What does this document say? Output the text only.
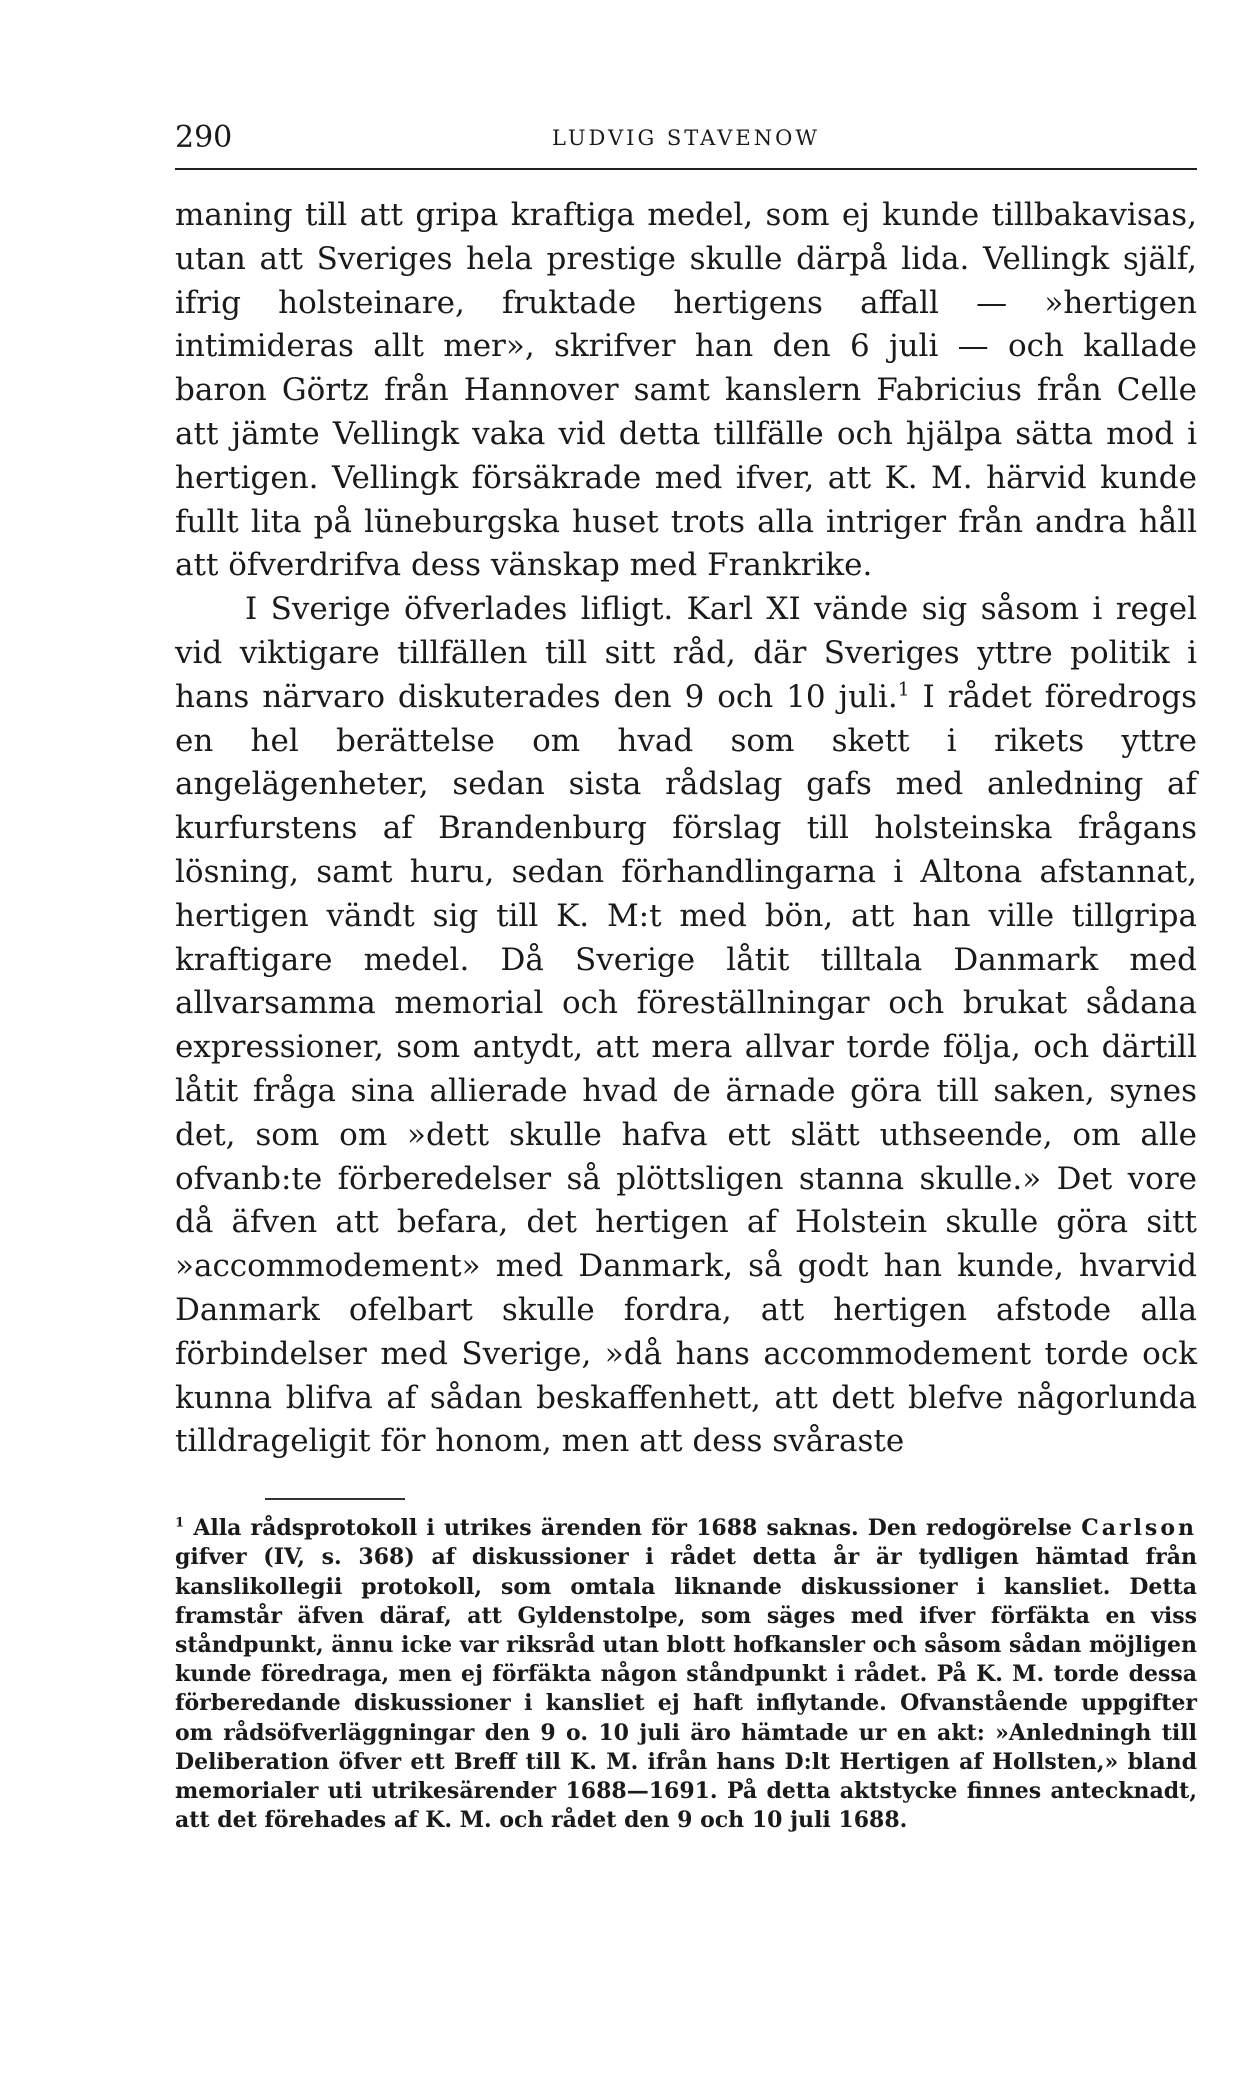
290	LUDVIG STAVENOW

maning till att gripa kraftiga medel, som ej kunde tillbakavisas, utan att Sveriges hela prestige skulle därpå lida. Vellingk själf, ifrig holsteinare, fruktade hertigens affall — »hertigen intimideras allt mer», skrifver han den 6 juli — och kallade baron Görtz från Hannover samt kanslern Fabricius från Celle att jämte Vellingk vaka vid detta tillfälle och hjälpa sätta mod i hertigen. Vellingk försäkrade med ifver, att K. M. härvid kunde fullt lita på lüneburgska huset trots alla intriger från andra håll att öfverdrifva dess vänskap med Frankrike.

I Sverige öfverlades lifligt. Karl XI vände sig såsom i regel vid viktigare tillfällen till sitt råd, där Sveriges yttre politik i hans närvaro diskuterades den 9 och 10 juli.$^1$ I rådet föredrogs en hel berättelse om hvad som skett i rikets yttre angelägenheter, sedan sista rådslag gafs med anledning af kurfurstens af Brandenburg förslag till holsteinska frågans lösning, samt huru, sedan förhandlingarna i Altona afstannat, hertigen vändt sig till K. M:t med bön, att han ville tillgripa kraftigare medel. Då Sverige låtit tilltala Danmark med allvarsamma memorial och föreställningar och brukat sådana expressioner, som antydt, att mera allvar torde följa, och därtill låtit fråga sina allierade hvad de ärnade göra till saken, synes det, som om »dett skulle hafva ett slätt uthseende, om alle ofvanb:te förberedelser så plöttsligen stanna skulle.» Det vore då äfven att befara, det hertigen af Holstein skulle göra sitt »accommodement» med Danmark, så godt han kunde, hvarvid Danmark ofelbart skulle fordra, att hertigen afstode alla förbindelser med Sverige, »då hans accommodement torde ock kunna blifva af sådan beskaffenhett, att dett blefve någorlunda tilldrageligit för honom, men att dess svåraste

$^1$ Alla rådsprotokoll i utrikes ärenden för 1688 saknas. Den redogörelse Carlson gifver (IV, s. 368) af diskussioner i rådet detta år är tydligen hämtad från kanslikollegii protokoll, som omtala liknande diskussioner i kansliet. Detta framstår äfven däraf, att Gyldenstolpe, som säges med ifver förfäkta en viss ståndpunkt, ännu icke var riksråd utan blott hofkansler och såsom sådan möjligen kunde föredraga, men ej förfäkta någon ståndpunkt i rådet. På K. M. torde dessa förberedande diskussioner i kansliet ej haft inflytande. Ofvanstående uppgifter om rådsöfverläggningar den 9 o. 10 juli äro hämtade ur en akt: »Anledningh till Deliberation öfver ett Breff till K. M. ifrån hans D:lt Hertigen af Hollsten,» bland memorialer uti utrikesärender 1688—1691. På detta aktstycke finnes antecknadt, att det förehades af K. M. och rådet den 9 och 10 juli 1688.
